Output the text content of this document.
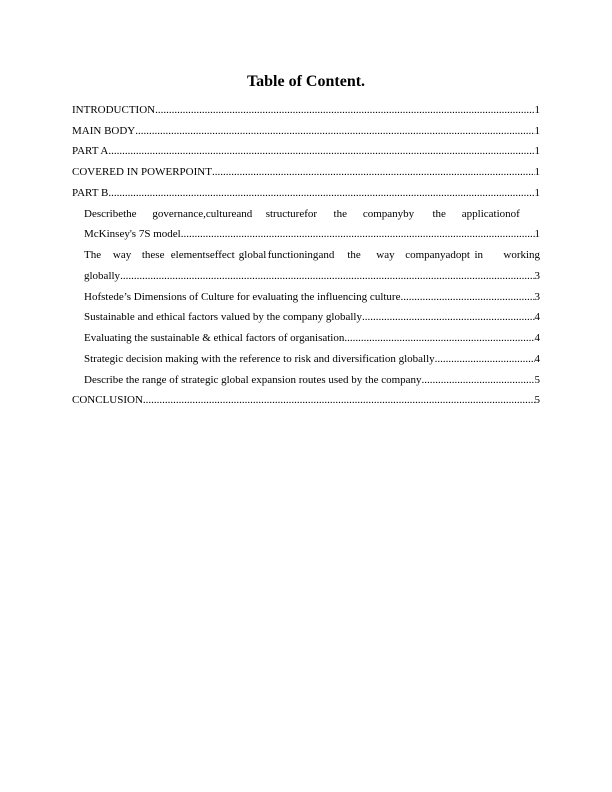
Table of Content.
INTRODUCTION .....	1
MAIN BODY .....	1
PART A .....	1
COVERED IN POWERPOINT .....	1
PART B .....	1
Describe the	governance, culture and	structure for	the	company by	the	application of
McKinsey's 7S model .....	1
The	way these elements effect global functioning and	the	way company adopt in	working
globally .....	3
Hofstede’s Dimensions of Culture for evaluating the influencing culture. .....	3
Sustainable and ethical factors valued by the company globally .....	4
Evaluating the sustainable & ethical factors of organisation .....	4
Strategic decision making with the reference to risk and diversification globally .....	4
Describe the range of strategic global expansion routes used by the company .....	5
CONCLUSION .....	5
